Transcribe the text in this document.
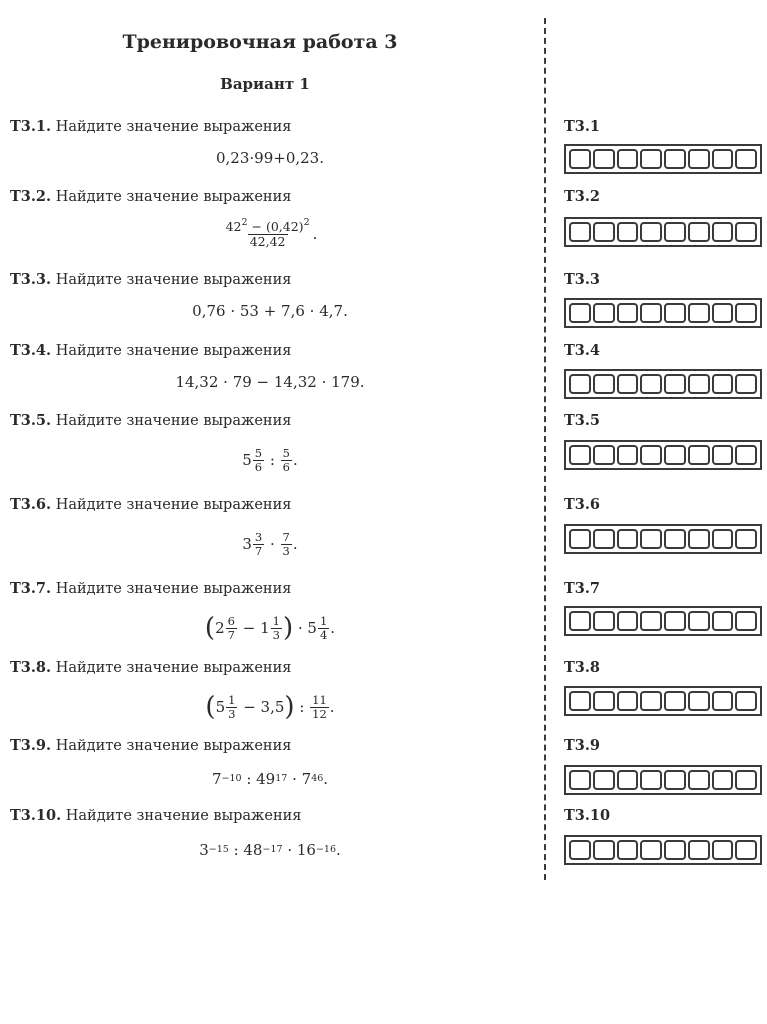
Тренировочная работа 3
Вариант 1
T3.1. Найдите значение выражения
0,23 · 99 + 0,23 .
T3.2. Найдите значение выражения
$\frac{42^2 - (0,42)^2}{42,42}$ .
T3.3. Найдите значение выражения
0,76 · 53 + 7,6 · 4,7.
T3.4. Найдите значение выражения
14,32 · 79 − 14,32 · 179.
T3.5. Найдите значение выражения
$5 \frac{5}{6}$ : $\frac{5}{6}$ .
T3.6. Найдите значение выражения
$3 \frac{3}{7} \cdot \frac{7}{3}$ .
T3.7. Найдите значение выражения
( $2 \frac{6}{7} - 1 \frac{1}{3}$ ) · $5 \frac{1}{4}$ .
T3.8. Найдите значение выражения
( $5 \frac{1}{3} - 3,5$ ) : $\frac{11}{12}$ .
T3.9. Найдите значение выражения
$7^{-10}$ : $49^{17} \cdot 7^{46}$ .
T3.10. Найдите значение выражения
$3^{-15}$ : $48^{-17} \cdot 16^{-16}$ .
T3.1
T3.2
T3.3
T3.4
T3.5
T3.6
T3.7
T3.8
T3.9
T3.10
